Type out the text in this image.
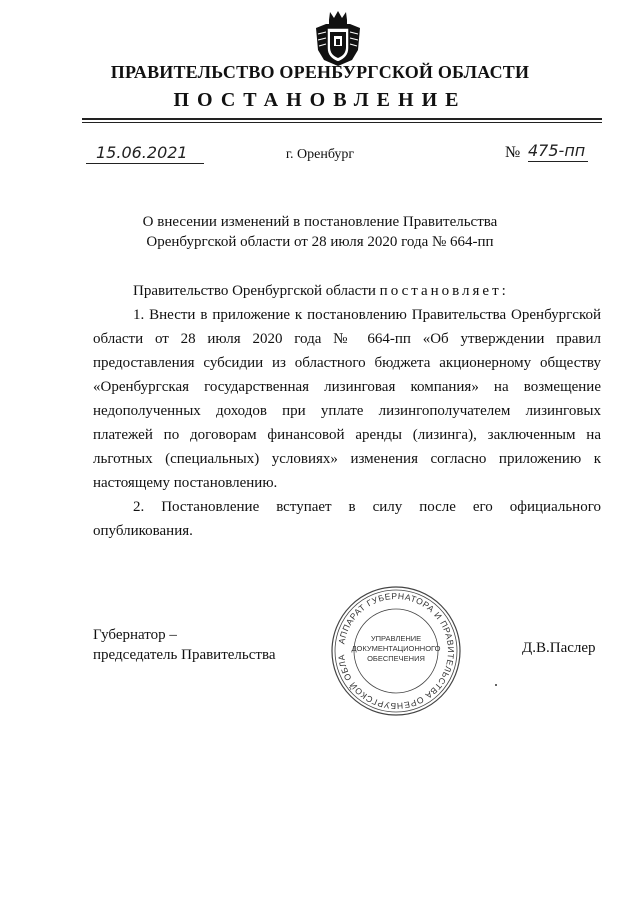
ПРАВИТЕЛЬСТВО ОРЕНБУРГСКОЙ ОБЛАСТИ
ПОСТАНОВЛЕНИЕ
15.06.2021	г. Оренбург	№ 475-пп
О внесении изменений в постановление Правительства
Оренбургской области от 28 июля 2020 года № 664-пп

Правительство Оренбургской области постановляет:

1. Внести в приложение к постановлению Правительства Оренбургской области от 28 июля 2020 года № 664-пп «Об утверждении правил предоставления субсидии из областного бюджета акционерному обществу «Оренбургская государственная лизинговая компания» на возмещение недополученных доходов при уплате лизингополучателем лизинговых платежей по договорам финансовой аренды (лизинга), заключенным на льготных (специальных) условиях» изменения согласно приложению к настоящему постановлению.

2. Постановление вступает в силу после его официального опубликования.

Губернатор –
председатель Правительства	Д.В.Паслер
АППАРАТ ГУБЕРНАТОРА И ПРАВИТЕЛЬСТВА ОРЕНБУРГСКОЙ ОБЛА
УПРАВЛЕНИЕ
ДОКУМЕНТАЦИОННОГО
ОБЕСПЕЧЕНИЯ
